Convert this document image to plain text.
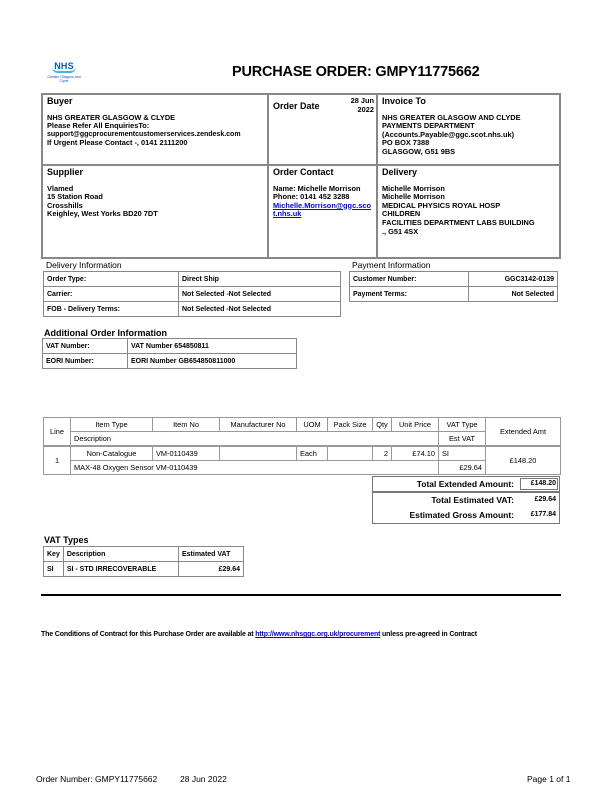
NHS
Greater Glasgow and Clyde
PURCHASE ORDER: GMPY11775662
Buyer
NHS GREATER GLASGOW & CLYDE
Please Refer All EnquiriesTo:
support@ggcprocurementcustomerservices.zendesk.com
If Urgent Please Contact -, 0141 2111200
Order Date
28 Jun
2022
Invoice To
NHS GREATER GLASGOW AND CLYDE
PAYMENTS DEPARTMENT
(Accounts.Payable@ggc.scot.nhs.uk)
PO BOX 7388
GLASGOW, G51 9BS
Supplier
Vlamed
15 Station Road
Crosshills
Keighley, West Yorks BD20 7DT
Order Contact
Name: Michelle Morrison
Phone: 0141 452 3288
Michelle.Morrison@ggc.sco
t.nhs.uk
Delivery
Michelle Morrison
Michelle Morrison
MEDICAL PHYSICS ROYAL HOSP
CHILDREN
FACILITIES DEPARTMENT LABS BUILDING
., G51 4SX
Delivery Information
Order Type:	Direct Ship
Carrier:	Not Selected -Not Selected
FOB - Delivery Terms:	Not Selected -Not Selected
Payment Information
Customer Number:	GGC3142-0139
Payment Terms:	Not Selected
Additional Order Information
VAT Number:	VAT Number 654850811
EORI Number:	EORI Number GB654850811000
Line	Item Type	Item No	Manufacturer No	UOM	Pack Size	Qty	Unit Price	VAT Type	Extended Amt
	Description							Est VAT	
1	Non-Catalogue	VM-0110439		Each		2	£74.10	SI	£148.20
	MAX-48 Oxygen Sensor VM-0110439							£29.64	
Total Extended Amount:	£148.20
Total Estimated VAT:	£29.64
Estimated Gross Amount:	£177.84
VAT Types
Key	Description	Estimated VAT
SI	SI - STD IRRECOVERABLE	£29.64
The Conditions of Contract for this Purchase Order are available at http://www.nhsggc.org.uk/procurement unless pre-agreed in Contract
Order Number: GMPY11775662	28 Jun 2022	Page 1 of 1
